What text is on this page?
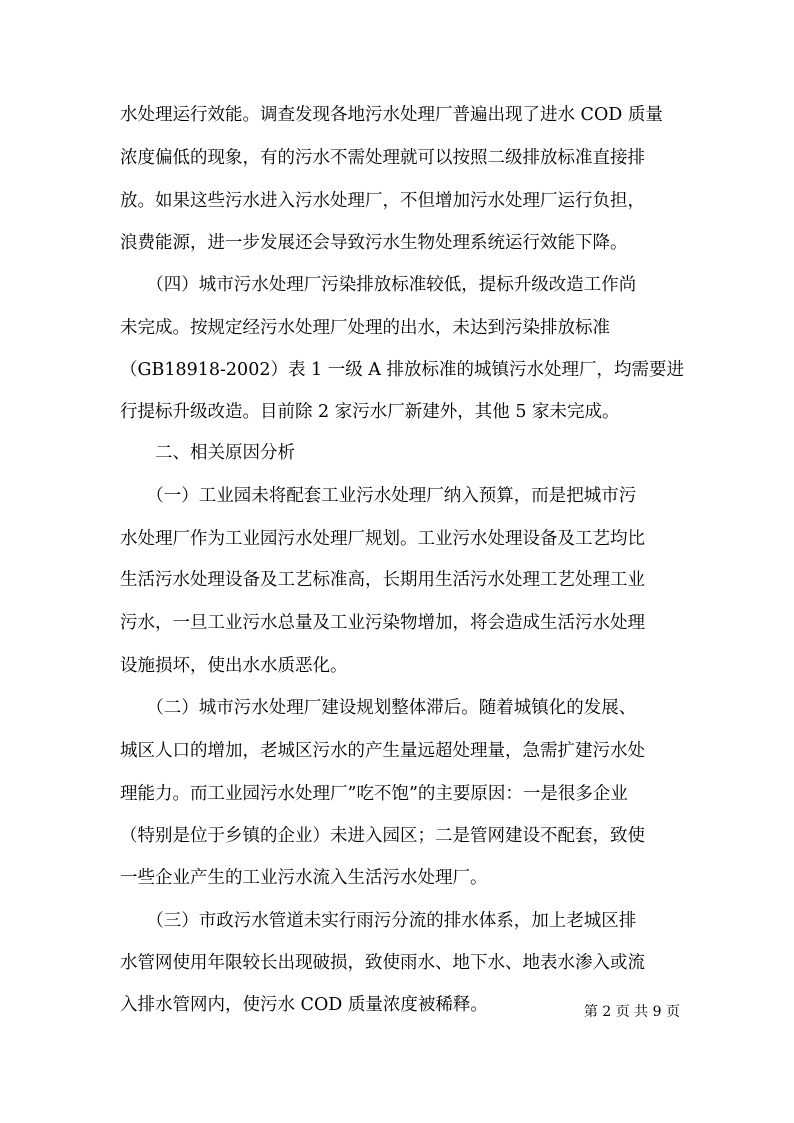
水处理运行效能。调查发现各地污水处理厂普遍出现了进水 COD 质量
浓度偏低的现象，有的污水不需处理就可以按照二级排放标准直接排
放。如果这些污水进入污水处理厂，不但增加污水处理厂运行负担，
浪费能源，进一步发展还会导致污水生物处理系统运行效能下降。
　　（四）城市污水处理厂污染排放标准较低，提标升级改造工作尚
未完成。按规定经污水处理厂处理的出水，未达到污染排放标准
（GB18918-2002）表 1 一级 A 排放标准的城镇污水处理厂，均需要进
行提标升级改造。目前除 2 家污水厂新建外，其他 5 家未完成。
　　二、相关原因分析
　　（一）工业园未将配套工业污水处理厂纳入预算，而是把城市污
水处理厂作为工业园污水处理厂规划。工业污水处理设备及工艺均比
生活污水处理设备及工艺标准高，长期用生活污水处理工艺处理工业
污水，一旦工业污水总量及工业污染物增加，将会造成生活污水处理
设施损坏，使出水水质恶化。
　　（二）城市污水处理厂建设规划整体滞后。随着城镇化的发展、
城区人口的增加，老城区污水的产生量远超处理量，急需扩建污水处
理能力。而工业园污水处理厂”吃不饱”的主要原因：一是很多企业
（特别是位于乡镇的企业）未进入园区；二是管网建设不配套，致使
一些企业产生的工业污水流入生活污水处理厂。
　　（三）市政污水管道未实行雨污分流的排水体系，加上老城区排
水管网使用年限较长出现破损，致使雨水、地下水、地表水渗入或流
入排水管网内，使污水 COD 质量浓度被稀释。	第 2 页 共 9 页
